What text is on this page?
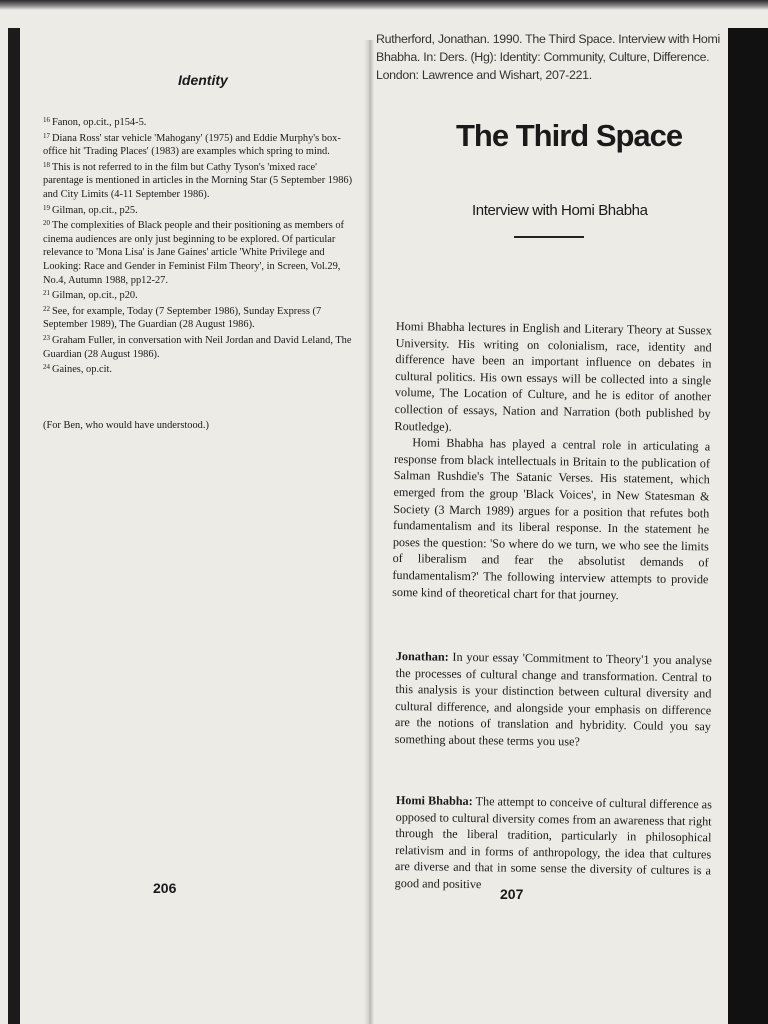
Identity

$^{16}$ Fanon, op.cit., p154-5.

$^{17}$ Diana Ross' star vehicle 'Mahogany' (1975) and Eddie Murphy's box-office hit 'Trading Places' (1983) are examples which spring to mind.

$^{18}$ This is not referred to in the film but Cathy Tyson's 'mixed race' parentage is mentioned in articles in the Morning Star (5 September 1986) and City Limits (4-11 September 1986).

$^{19}$ Gilman, op.cit., p25.

$^{20}$ The complexities of Black people and their positioning as members of cinema audiences are only just beginning to be explored. Of particular relevance to 'Mona Lisa' is Jane Gaines' article 'White Privilege and Looking: Race and Gender in Feminist Film Theory', in Screen, Vol.29, No.4, Autumn 1988, pp12-27.

$^{21}$ Gilman, op.cit., p20.

$^{22}$ See, for example, Today (7 September 1986), Sunday Express (7 September 1989), The Guardian (28 August 1986).

$^{23}$ Graham Fuller, in conversation with Neil Jordan and David Leland, The Guardian (28 August 1986).

$^{24}$ Gaines, op.cit.

(For Ben, who would have understood.)
206
Rutherford, Jonathan. 1990. The Third Space. Interview with Homi
Bhabha. In: Ders. (Hg): Identity: Community, Culture, Difference.
London: Lawrence and Wishart, 207-221.
The Third Space
Interview with Homi Bhabha

Homi Bhabha lectures in English and Literary Theory at Sussex University. His writing on colonialism, race, identity and difference have been an important influence on debates in cultural politics. His own essays will be collected into a single volume, The Location of Culture, and he is editor of another collection of essays, Nation and Narration (both published by Routledge).

Homi Bhabha has played a central role in articulating a response from black intellectuals in Britain to the publication of Salman Rushdie's The Satanic Verses. His statement, which emerged from the group 'Black Voices', in New Statesman & Society (3 March 1989) argues for a position that refutes both fundamentalism and its liberal response. In the statement he poses the question: 'So where do we turn, we who see the limits of liberalism and fear the absolutist demands of fundamentalism?' The following interview attempts to provide some kind of theoretical chart for that journey.

Jonathan: In your essay 'Commitment to Theory'1 you analyse the processes of cultural change and transformation. Central to this analysis is your distinction between cultural diversity and cultural difference, and alongside your emphasis on difference are the notions of translation and hybridity. Could you say something about these terms you use?

Homi Bhabha: The attempt to conceive of cultural difference as opposed to cultural diversity comes from an awareness that right through the liberal tradition, particularly in philosophical relativism and in forms of anthropology, the idea that cultures are diverse and that in some sense the diversity of cultures is a good and positive

207
